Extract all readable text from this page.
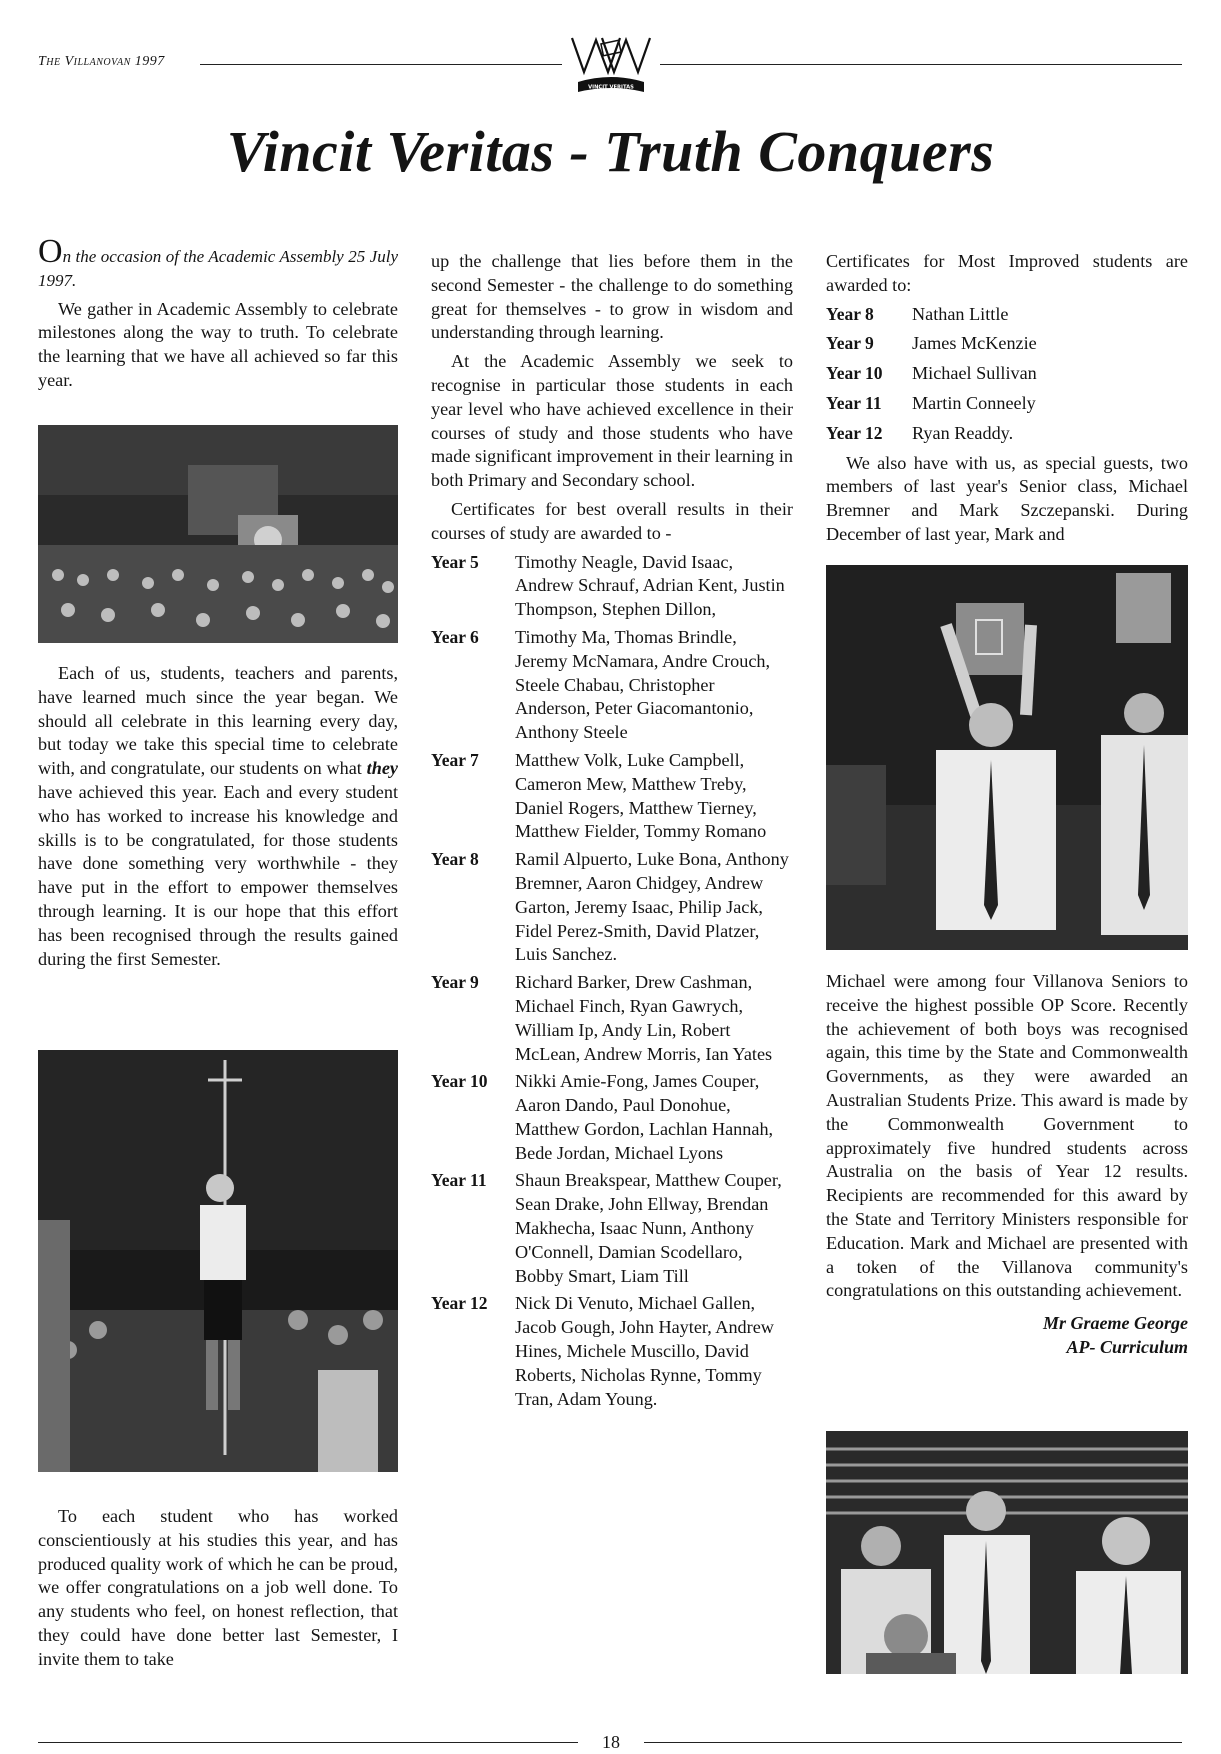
The Villanovan 1997
VINCIT VERITAS
Vincit Veritas - Truth Conquers

On the occasion of the Academic Assembly 25 July 1997.

We gather in Academic Assembly to celebrate milestones along the way to truth. To celebrate the learning that we have all achieved so far this year.

Each of us, students, teachers and parents, have learned much since the year began. We should all celebrate in this learning every day, but today we take this special time to celebrate with, and congratulate, our students on what they have achieved this year. Each and every student who has worked to increase his knowledge and skills is to be congratulated, for those students have done something very worthwhile - they have put in the effort to empower themselves through learning. It is our hope that this effort has been recognised through the results gained during the first Semester.

To each student who has worked conscientiously at his studies this year, and has produced quality work of which he can be proud, we offer congratulations on a job well done. To any students who feel, on honest reflection, that they could have done better last Semester, I invite them to take

up the challenge that lies before them in the second Semester - the challenge to do something great for themselves - to grow in wisdom and understanding through learning.

At the Academic Assembly we seek to recognise in particular those students in each year level who have achieved excellence in their courses of study and those students who have made significant improvement in their learning in both Primary and Secondary school.

Certificates for best overall results in their courses of study are awarded to -

Year 5	Timothy Neagle, David Isaac, Andrew Schrauf, Adrian Kent, Justin Thompson, Stephen Dillon,
Year 6	Timothy Ma, Thomas Brindle, Jeremy McNamara, Andre Crouch, Steele Chabau, Christopher Anderson, Peter Giacomantonio, Anthony Steele
Year 7	Matthew Volk, Luke Campbell, Cameron Mew, Matthew Treby, Daniel Rogers, Matthew Tierney, Matthew Fielder, Tommy Romano
Year 8	Ramil Alpuerto, Luke Bona, Anthony Bremner, Aaron Chidgey, Andrew Garton, Jeremy Isaac, Philip Jack, Fidel Perez-Smith, David Platzer, Luis Sanchez.
Year 9	Richard Barker, Drew Cashman, Michael Finch, Ryan Gawrych, William Ip, Andy Lin, Robert McLean, Andrew Morris, Ian Yates
Year 10	Nikki Amie-Fong, James Couper, Aaron Dando, Paul Donohue, Matthew Gordon, Lachlan Hannah, Bede Jordan, Michael Lyons
Year 11	Shaun Breakspear, Matthew Couper, Sean Drake, John Ellway, Brendan Makhecha, Isaac Nunn, Anthony O'Connell, Damian Scodellaro, Bobby Smart, Liam Till
Year 12	Nick Di Venuto, Michael Gallen, Jacob Gough, John Hayter, Andrew Hines, Michele Muscillo, David Roberts, Nicholas Rynne, Tommy Tran, Adam Young.

Certificates for Most Improved students are awarded to:

Year 8	Nathan Little
Year 9	James McKenzie
Year 10	Michael Sullivan
Year 11	Martin Conneely
Year 12	Ryan Readdy.

We also have with us, as special guests, two members of last year's Senior class, Michael Bremner and Mark Szczepanski. During December of last year, Mark and

Michael were among four Villanova Seniors to receive the highest possible OP Score. Recently the achievement of both boys was recognised again, this time by the State and Commonwealth Governments, as they were awarded an Australian Students Prize. This award is made by the Commonwealth Government to approximately five hundred students across Australia on the basis of Year 12 results. Recipients are recommended for this award by the State and Territory Ministers responsible for Education. Mark and Michael are presented with a token of the Villanova community's congratulations on this outstanding achievement.

Mr Graeme George
AP- Curriculum
18
